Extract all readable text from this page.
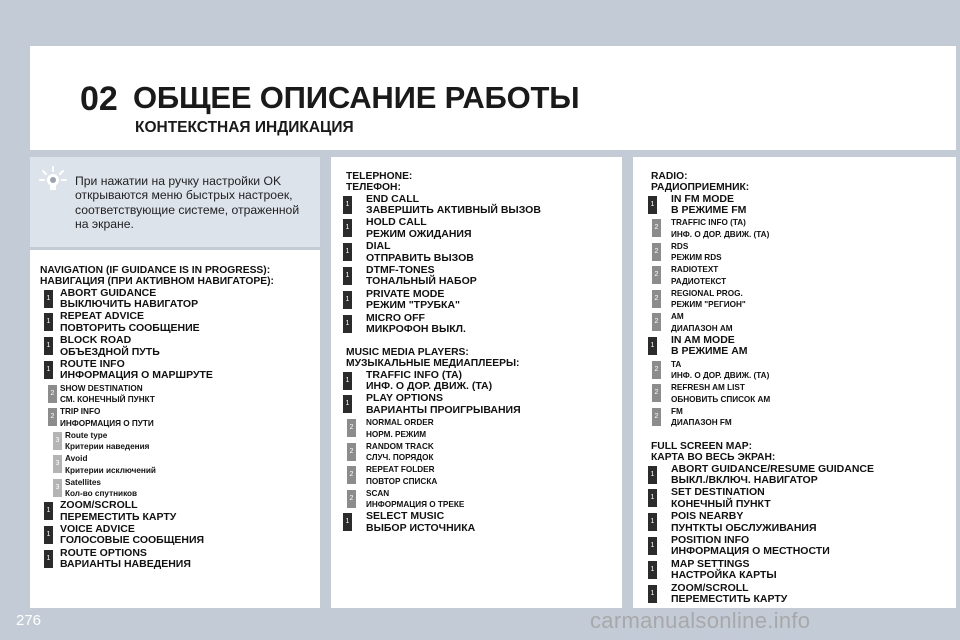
02 ОБЩЕЕ ОПИСАНИЕ РАБОТЫ
КОНТЕКСТНАЯ ИНДИКАЦИЯ
При нажатии на ручку настройки OK открываются меню быстрых настроек, соответствующие системе, отраженной на экране.
NAVIGATION (IF GUIDANCE IS IN PROGRESS):
НАВИГАЦИЯ (ПРИ АКТИВНОМ НАВИГАТОРЕ):
1 ABORT GUIDANCE
ВЫКЛЮЧИТЬ НАВИГАТОР
1 REPEAT ADVICE
ПОВТОРИТЬ СООБЩЕНИЕ
1 BLOCK ROAD
ОБЪЕЗДНОЙ ПУТЬ
1 ROUTE INFO
ИНФОРМАЦИЯ О МАРШРУТЕ
2
SHOW DESTINATION
СМ. КОНЕЧНЫЙ ПУНКТ
2
TRIP INFO
ИНФОРМАЦИЯ О ПУТИ
3
Route type
Критерии наведения
3
Avoid
Критерии исключений
3
Satellites
Кол-во спутников
1 ZOOM/SCROLL
ПЕРЕМЕСТИТЬ КАРТУ
1 VOICE ADVICE
ГОЛОСОВЫЕ СООБЩЕНИЯ
1 ROUTE OPTIONS
ВАРИАНТЫ НАВЕДЕНИЯ
TELEPHONE:
ТЕЛЕФОН:
1 END CALL
ЗАВЕРШИТЬ АКТИВНЫЙ ВЫЗОВ
1 HOLD CALL
РЕЖИМ ОЖИДАНИЯ
1 DIAL
ОТПРАВИТЬ ВЫЗОВ
1 DTMF-TONES
ТОНАЛЬНЫЙ НАБОР
1 PRIVATE MODE
РЕЖИМ "ТРУБКА"
1 MICRO OFF
МИКРОФОН ВЫКЛ.
MUSIC MEDIA PLAYERS:
МУЗЫКАЛЬНЫЕ МЕДИАПЛЕЕРЫ:
1 TRAFFIC INFO (TA)
ИНФ. О ДОР. ДВИЖ. (TA)
1 PLAY OPTIONS
ВАРИАНТЫ ПРОИГРЫВАНИЯ
2
NORMAL ORDER
НОРМ. РЕЖИМ
2
RANDOM TRACK
СЛУЧ. ПОРЯДОК
2
REPEAT FOLDER
ПОВТОР СПИСКА
2
SCAN
ИНФОРМАЦИЯ О ТРЕКЕ
1 SELECT MUSIC
ВЫБОР ИСТОЧНИКА
RADIO:
РАДИОПРИЕМНИК:
1 IN FM MODE
В РЕЖИМЕ FM
2
TRAFFIC INFO (TA)
ИНФ. О ДОР. ДВИЖ. (TA)
2
RDS
РЕЖИМ RDS
2
RADIOTEXT
РАДИОТЕКСТ
2
REGIONAL PROG.
РЕЖИМ "РЕГИОН"
2
AM
ДИАПАЗОН AM
1 IN AM MODE
В РЕЖИМЕ AM
2
TA
ИНФ. О ДОР. ДВИЖ. (TA)
2
REFRESH AM LIST
ОБНОВИТЬ СПИСОК AM
2
FM
ДИАПАЗОН FM
FULL SCREEN MAP:
КАРТА ВО ВЕСЬ ЭКРАН:
1 ABORT GUIDANCE/RESUME GUIDANCE
ВЫКЛ./ВКЛЮЧ. НАВИГАТОР
1 SET DESTINATION
КОНЕЧНЫЙ ПУНКТ
1 POIS NEARBY
ПУНТКТЫ ОБСЛУЖИВАНИЯ
1 POSITION INFO
ИНФОРМАЦИЯ О МЕСТНОСТИ
1 MAP SETTINGS
НАСТРОЙКА КАРТЫ
1 ZOOM/SCROLL
ПЕРЕМЕСТИТЬ КАРТУ
276	carmanualsonline.info
